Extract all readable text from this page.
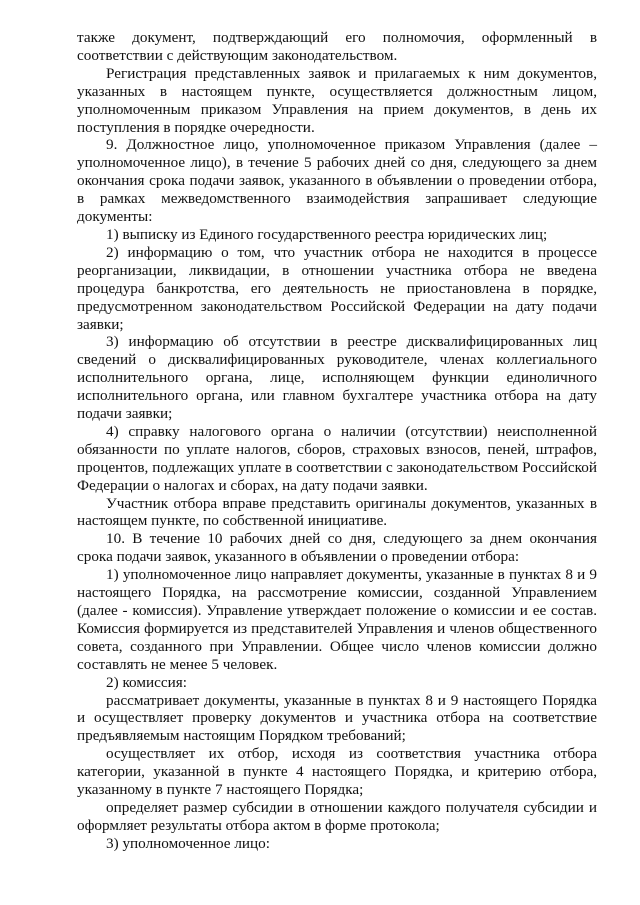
также документ, подтверждающий его полномочия, оформленный в соответствии с действующим законодательством.

Регистрация представленных заявок и прилагаемых к ним документов, указанных в настоящем пункте, осуществляется должностным лицом, уполномоченным приказом Управления на прием документов, в день их поступления в порядке очередности.

9. Должностное лицо, уполномоченное приказом Управления (далее – уполномоченное лицо), в течение 5 рабочих дней со дня, следующего за днем окончания срока подачи заявок, указанного в объявлении о проведении отбора, в рамках межведомственного взаимодействия запрашивает следующие документы:

1) выписку из Единого государственного реестра юридических лиц;

2) информацию о том, что участник отбора не находится в процессе реорганизации, ликвидации, в отношении участника отбора не введена процедура банкротства, его деятельность не приостановлена в порядке, предусмотренном законодательством Российской Федерации на дату подачи заявки;

3) информацию об отсутствии в реестре дисквалифицированных лиц сведений о дисквалифицированных руководителе, членах коллегиального исполнительного органа, лице, исполняющем функции единоличного исполнительного органа, или главном бухгалтере участника отбора на дату подачи заявки;

4) справку налогового органа о наличии (отсутствии) неисполненной обязанности по уплате налогов, сборов, страховых взносов, пеней, штрафов, процентов, подлежащих уплате в соответствии с законодательством Российской Федерации о налогах и сборах, на дату подачи заявки.

Участник отбора вправе представить оригиналы документов, указанных в настоящем пункте, по собственной инициативе.

10. В течение 10 рабочих дней со дня, следующего за днем окончания срока подачи заявок, указанного в объявлении о проведении отбора:

1) уполномоченное лицо направляет документы, указанные в пунктах 8 и 9 настоящего Порядка, на рассмотрение комиссии, созданной Управлением (далее - комиссия). Управление утверждает положение о комиссии и ее состав. Комиссия формируется из представителей Управления и членов общественного совета, созданного при Управлении. Общее число членов комиссии должно составлять не менее 5 человек.

2) комиссия:

рассматривает документы, указанные в пунктах 8 и 9 настоящего Порядка и осуществляет проверку документов и участника отбора на соответствие предъявляемым настоящим Порядком требований;

осуществляет их отбор, исходя из соответствия участника отбора категории, указанной в пункте 4 настоящего Порядка, и критерию отбора, указанному в пункте 7 настоящего Порядка;

определяет размер субсидии в отношении каждого получателя субсидии и оформляет результаты отбора актом в форме протокола;

3) уполномоченное лицо:
